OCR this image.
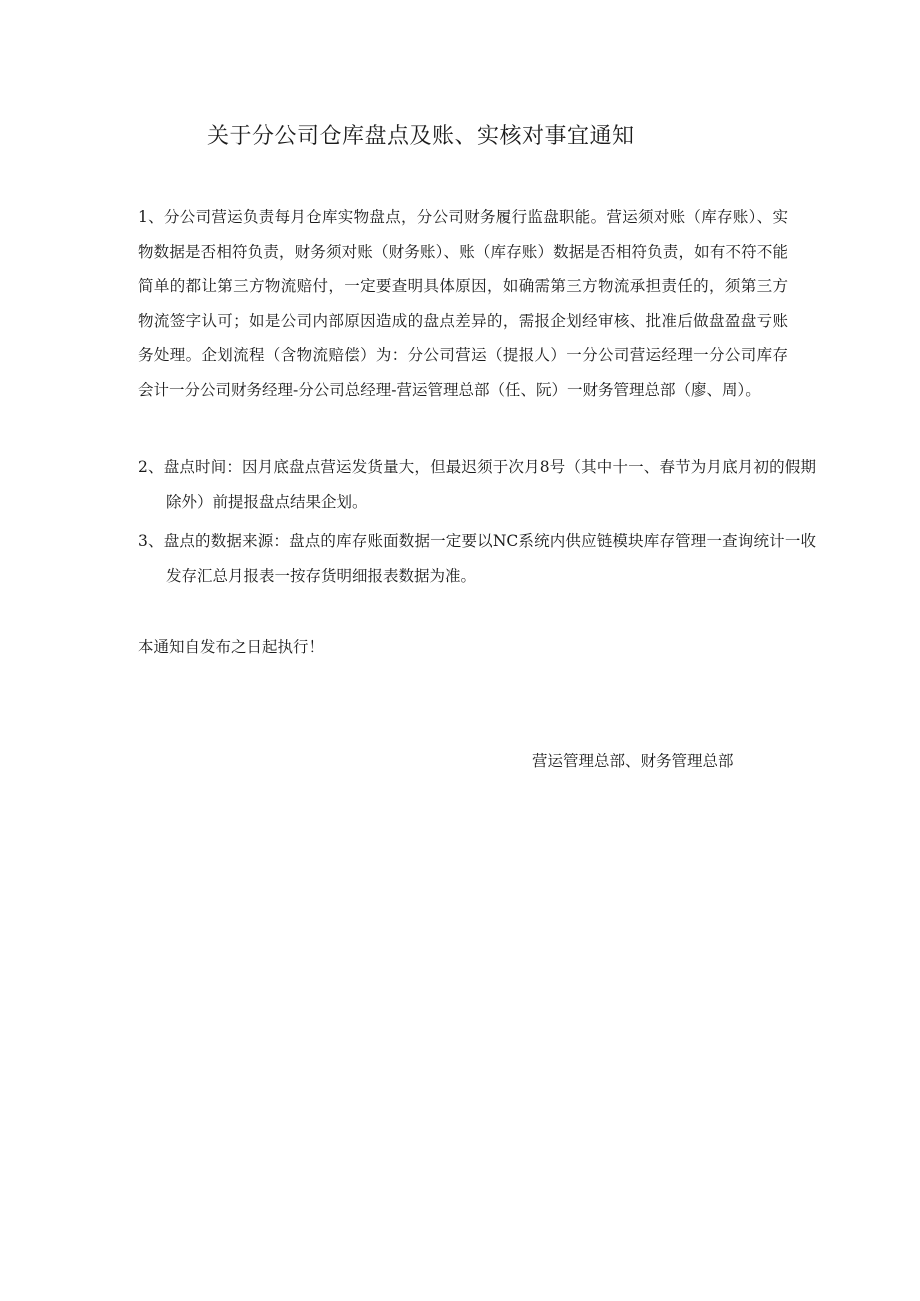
关于分公司仓库盘点及账、实核对事宜通知
1、分公司营运负责每月仓库实物盘点，分公司财务履行监盘职能。营运须对账（库存账）、实物数据是否相符负责，财务须对账（财务账）、账（库存账）数据是否相符负责，如有不符不能简单的都让第三方物流赔付，一定要查明具体原因，如确需第三方物流承担责任的，须第三方物流签字认可；如是公司内部原因造成的盘点差异的，需报企划经审核、批准后做盘盈盘亏账务处理。企划流程（含物流赔偿）为：分公司营运（提报人）一分公司营运经理一分公司库存会计一分公司财务经理-分公司总经理-营运管理总部（任、阮）一财务管理总部（廖、周）。
2、盘点时间：因月底盘点营运发货量大，但最迟须于次月8号（其中十一、春节为月底月初的假期除外）前提报盘点结果企划。
3、盘点的数据来源：盘点的库存账面数据一定要以NC系统内供应链模块库存管理一查询统计一收发存汇总月报表一按存货明细报表数据为准。
本通知自发布之日起执行！
营运管理总部、财务管理总部
